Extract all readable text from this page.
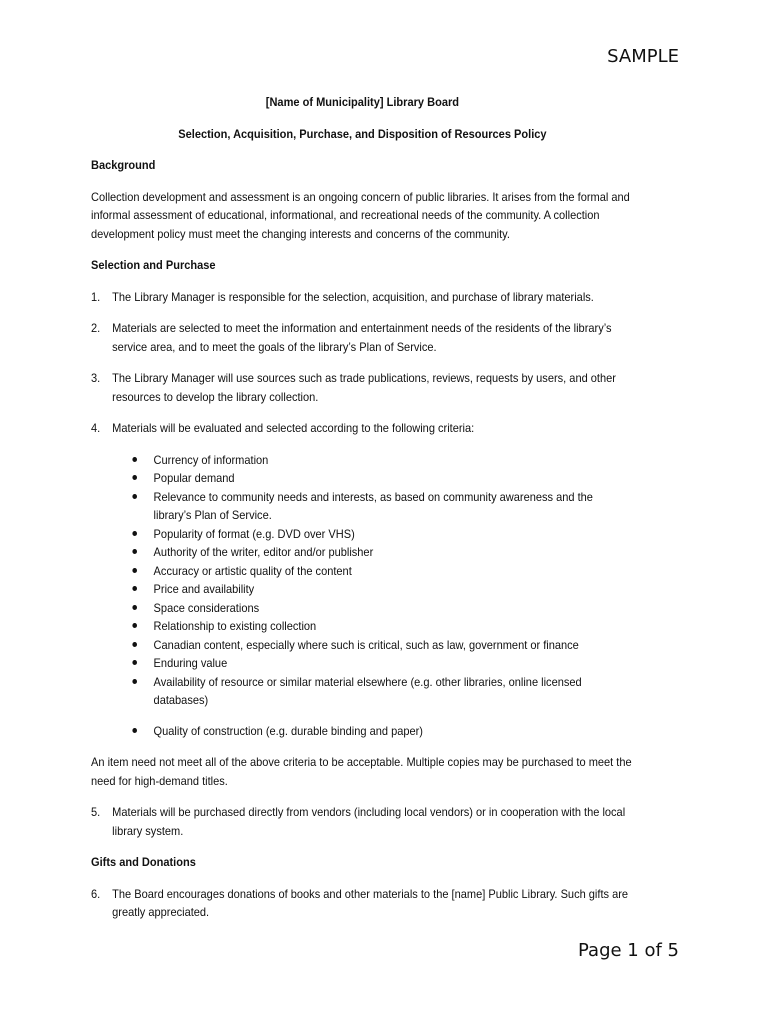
SAMPLE

[Name of Municipality] Library Board

Selection, Acquisition, Purchase, and Disposition of Resources Policy

Background

Collection development and assessment is an ongoing concern of public libraries. It arises from the formal and informal assessment of educational, informational, and recreational needs of the community. A collection development policy must meet the changing interests and concerns of the community.

Selection and Purchase

1. The Library Manager is responsible for the selection, acquisition, and purchase of library materials.
2. Materials are selected to meet the information and entertainment needs of the residents of the library’s service area, and to meet the goals of the library’s Plan of Service.
3. The Library Manager will use sources such as trade publications, reviews, requests by users, and other resources to develop the library collection.
4. Materials will be evaluated and selected according to the following criteria:
Currency of information
Popular demand
Relevance to community needs and interests, as based on community awareness and the library’s Plan of Service.
Popularity of format (e.g. DVD over VHS)
Authority of the writer, editor and/or publisher
Accuracy or artistic quality of the content
Price and availability
Space considerations
Relationship to existing collection
Canadian content, especially where such is critical, such as law, government or finance
Enduring value
Availability of resource or similar material elsewhere (e.g. other libraries, online licensed databases)
Quality of construction (e.g. durable binding and paper)

An item need not meet all of the above criteria to be acceptable. Multiple copies may be purchased to meet the need for high-demand titles.

5. Materials will be purchased directly from vendors (including local vendors) or in cooperation with the local library system.

Gifts and Donations

6. The Board encourages donations of books and other materials to the [name] Public Library. Such gifts are greatly appreciated.
Page 1 of 5
